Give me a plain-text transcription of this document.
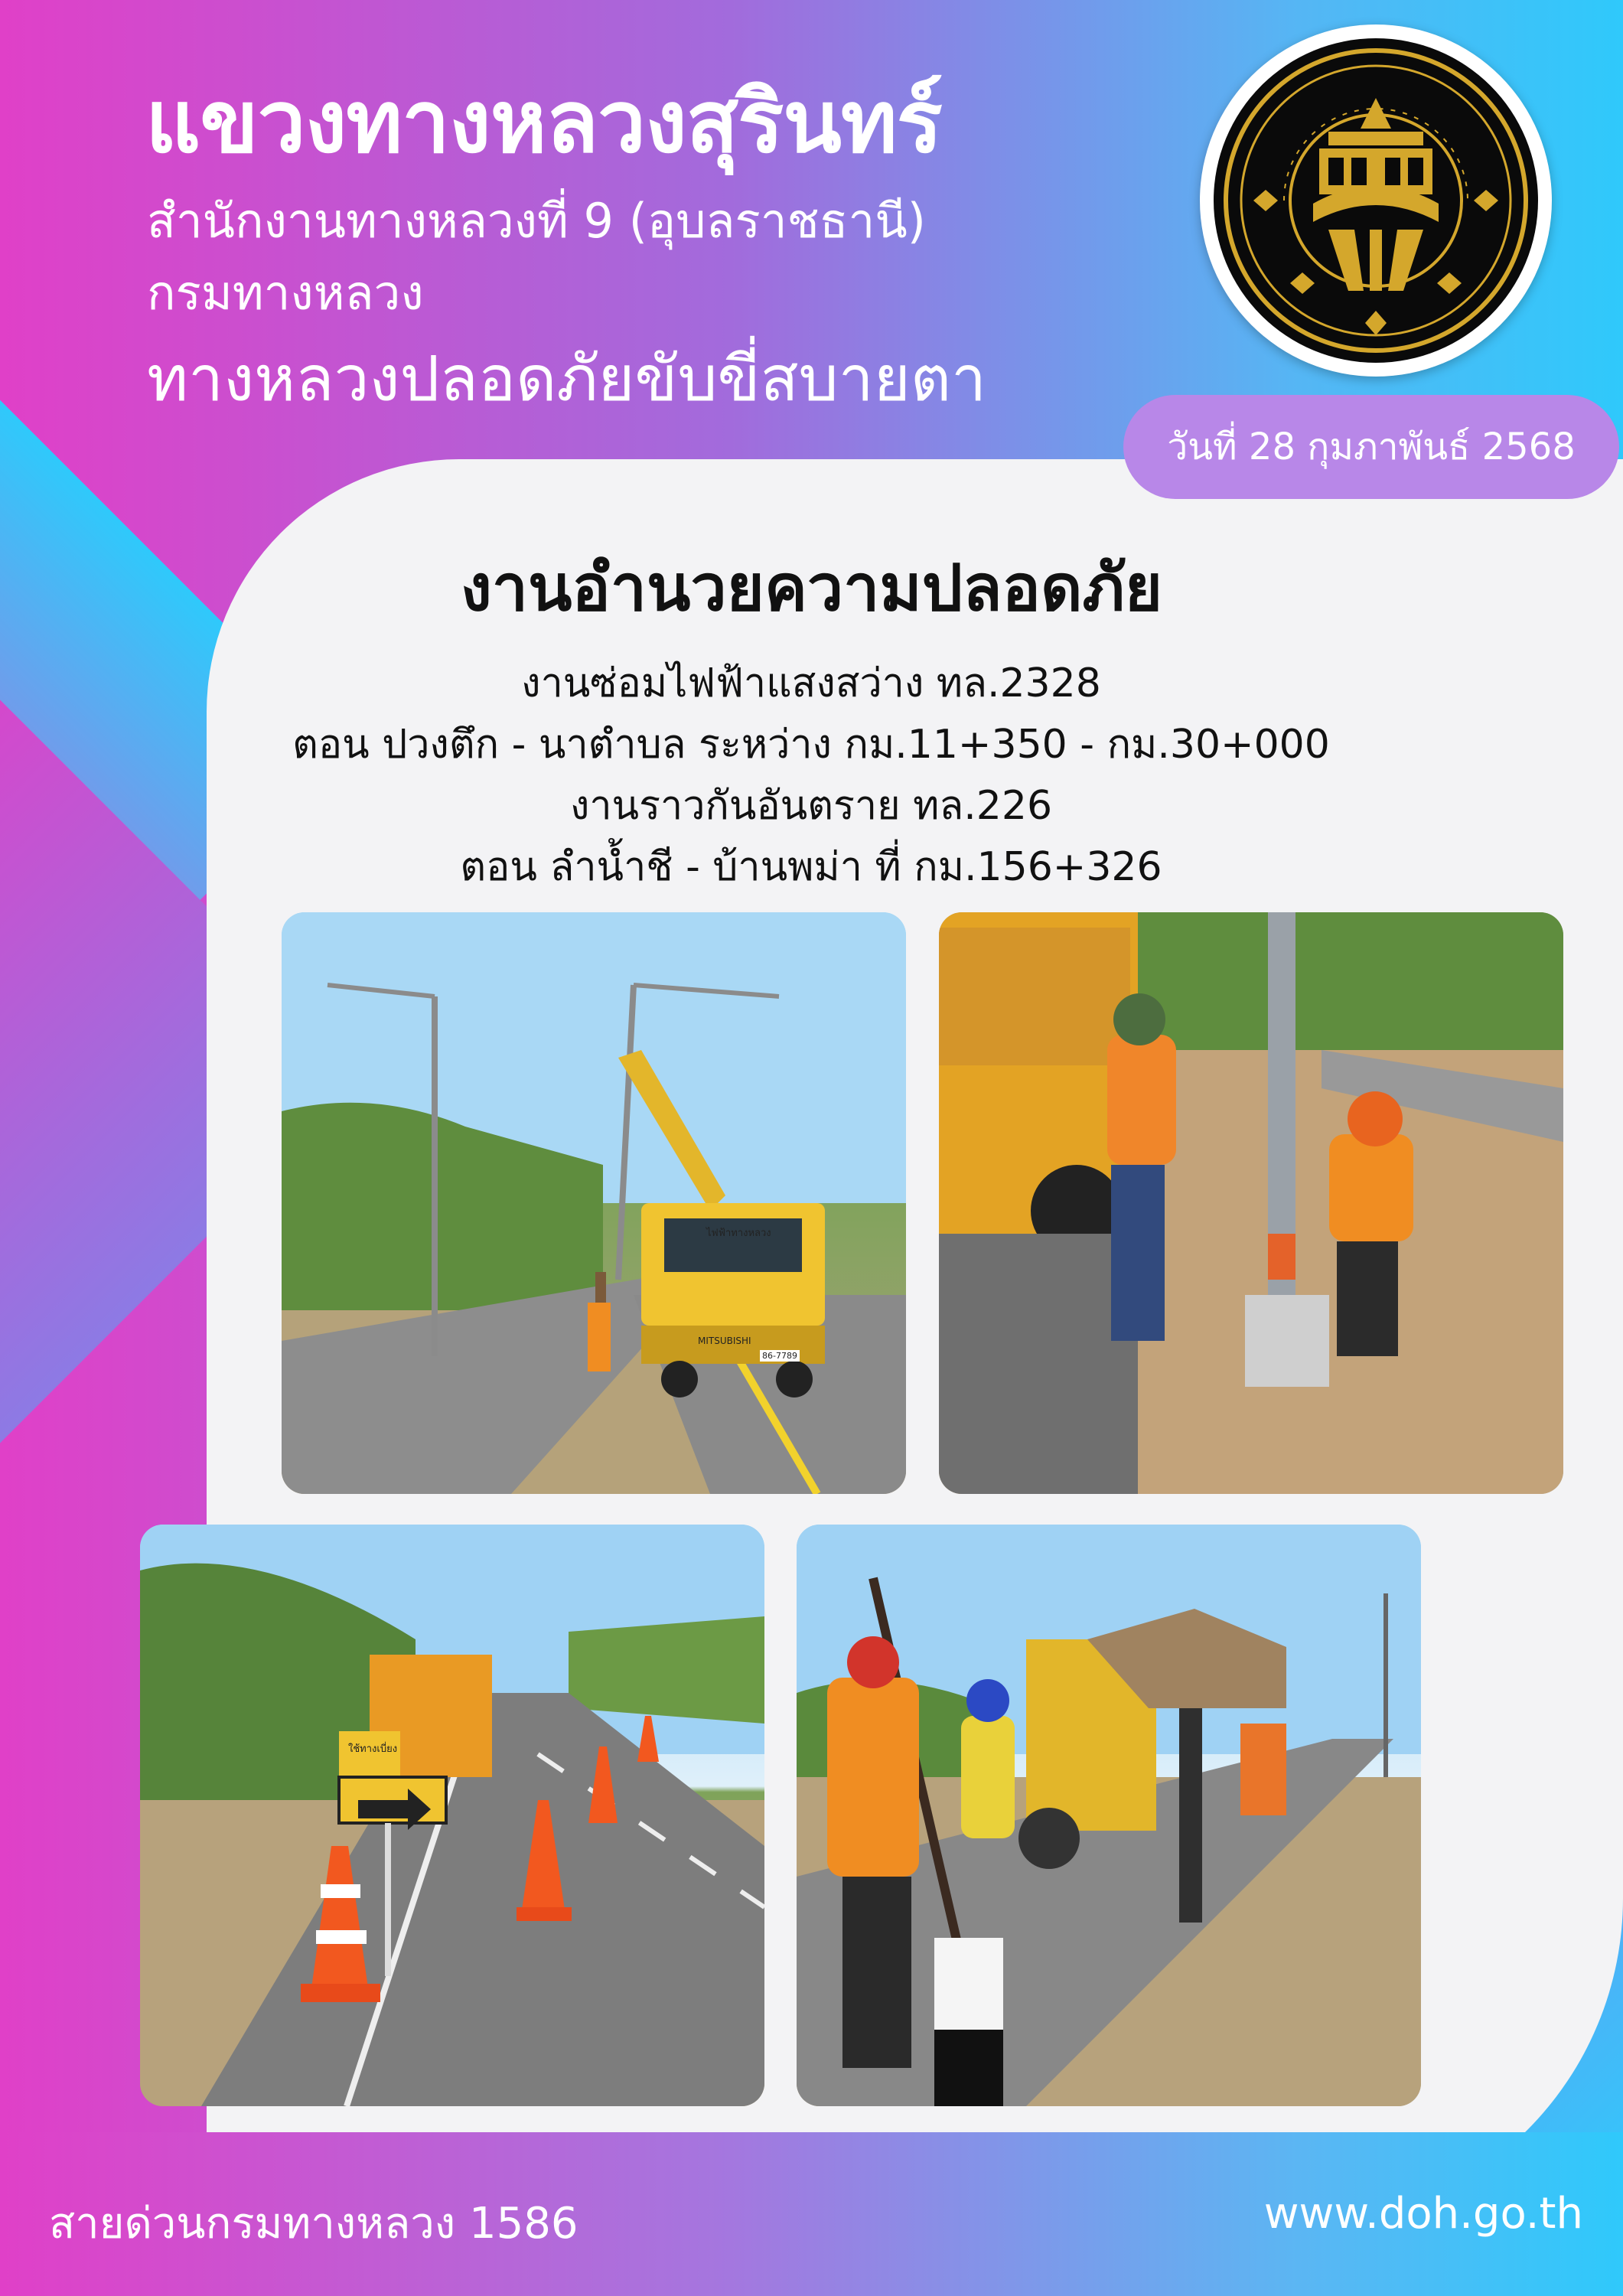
แขวงทางหลวงสุรินทร์
สำนักงานทางหลวงที่ 9 (อุบลราชธานี)
กรมทางหลวง
ทางหลวงปลอดภัยขับขี่สบายตา
วันที่ 28 กุมภาพันธ์ 2568
งานอำนวยความปลอดภัย
งานซ่อมไฟฟ้าแสงสว่าง ทล.2328
ตอน ปวงตึก - นาตำบล ระหว่าง กม.11+350 - กม.30+000
งานราวกันอันตราย ทล.226
ตอน ลำน้ำชี - บ้านพม่า ที่ กม.156+326
ไฟฟ้าทางหลวง
MITSUBISHI
86-7789
ใช้ทางเบี่ยง
สายด่วนกรมทางหลวง 1586	www.doh.go.th
